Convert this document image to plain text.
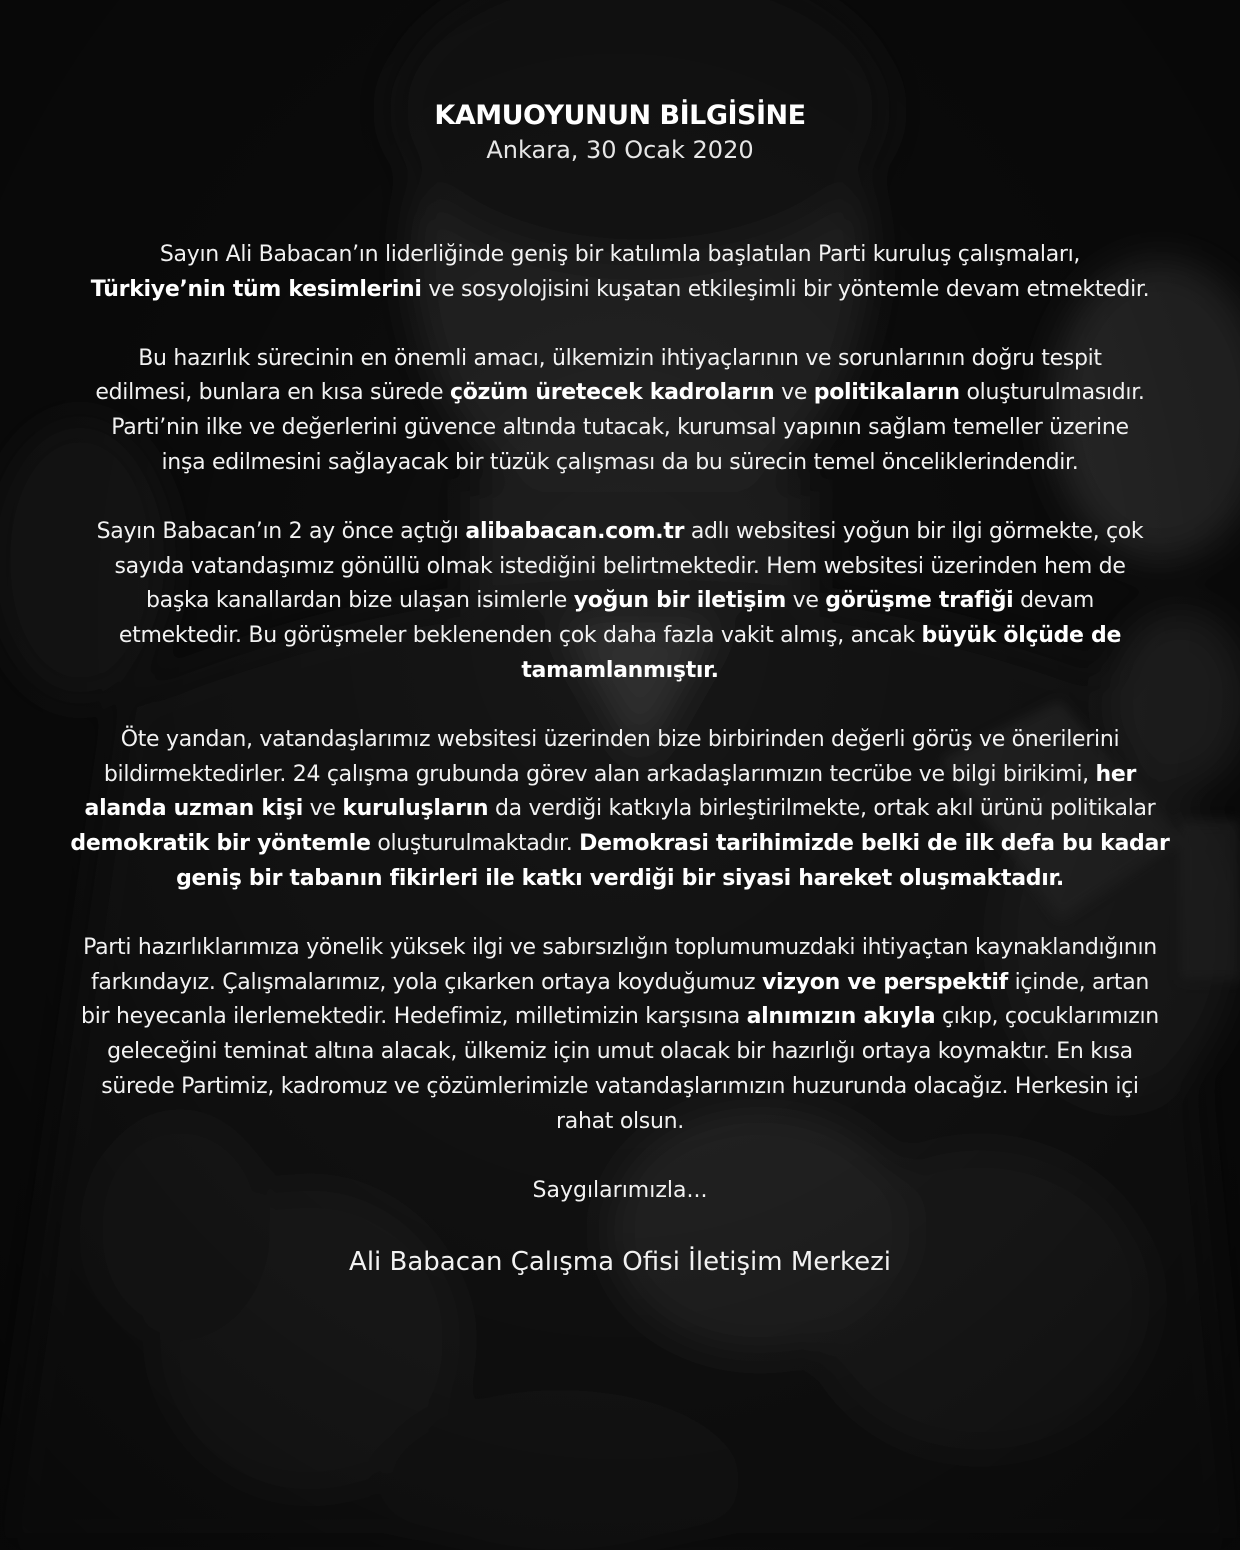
KAMUOYUNUN BİLGİSİNE
Ankara, 30 Ocak 2020
Sayın Ali Babacan’ın liderliğinde geniş bir katılımla başlatılan Parti kuruluş çalışmaları, Türkiye’nin tüm kesimlerini ve sosyolojisini kuşatan etkileşimli bir yöntemle devam etmektedir.
Bu hazırlık sürecinin en önemli amacı, ülkemizin ihtiyaçlarının ve sorunlarının doğru tespit edilmesi, bunlara en kısa sürede çözüm üretecek kadroların ve politikaların oluşturulmasıdır. Parti’nin ilke ve değerlerini güvence altında tutacak, kurumsal yapının sağlam temeller üzerine inşa edilmesini sağlayacak bir tüzük çalışması da bu sürecin temel önceliklerindendir.
Sayın Babacan’ın 2 ay önce açtığı alibabacan.com.tr adlı websitesi yoğun bir ilgi görmekte, çok sayıda vatandaşımız gönüllü olmak istediğini belirtmektedir. Hem websitesi üzerinden hem de başka kanallardan bize ulaşan isimlerle yoğun bir iletişim ve görüşme trafiği devam etmektedir. Bu görüşmeler beklenenden çok daha fazla vakit almış, ancak büyük ölçüde de tamamlanmıştır.
Öte yandan, vatandaşlarımız websitesi üzerinden bize birbirinden değerli görüş ve önerilerini bildirmektedirler. 24 çalışma grubunda görev alan arkadaşlarımızın tecrübe ve bilgi birikimi, her alanda uzman kişi ve kuruluşların da verdiği katkıyla birleştirilmekte, ortak akıl ürünü politikalar demokratik bir yöntemle oluşturulmaktadır. Demokrasi tarihimizde belki de ilk defa bu kadar geniş bir tabanın fikirleri ile katkı verdiği bir siyasi hareket oluşmaktadır.
Parti hazırlıklarımıza yönelik yüksek ilgi ve sabırsızlığın toplumumuzdaki ihtiyaçtan kaynaklandığının farkındayız. Çalışmalarımız, yola çıkarken ortaya koyduğumuz vizyon ve perspektif içinde, artan bir heyecanla ilerlemektedir. Hedefimiz, milletimizin karşısına alnımızın akıyla çıkıp, çocuklarımızın geleceğini teminat altına alacak, ülkemiz için umut olacak bir hazırlığı ortaya koymaktır. En kısa sürede Partimiz, kadromuz ve çözümlerimizle vatandaşlarımızın huzurunda olacağız. Herkesin içi rahat olsun.
Saygılarımızla...
Ali Babacan Çalışma Ofisi İletişim Merkezi
